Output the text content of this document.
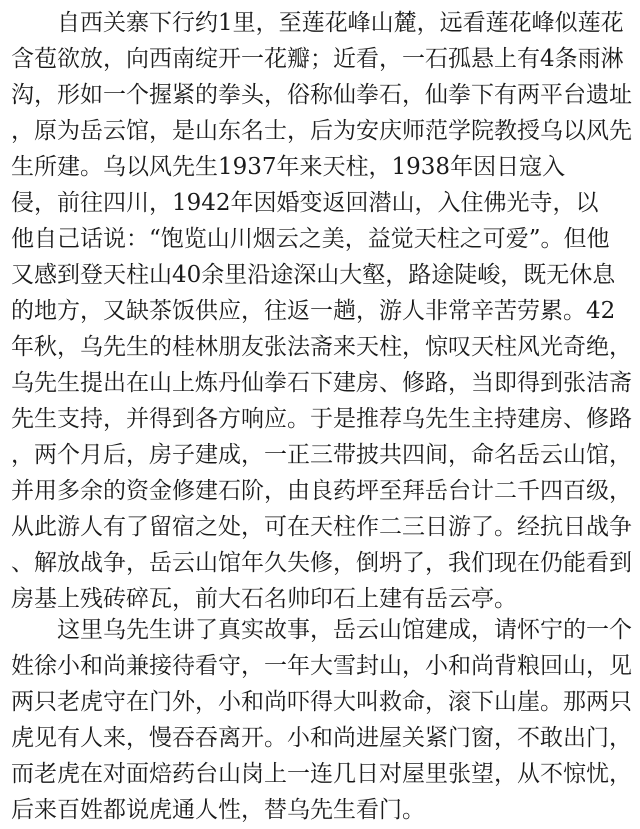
　　自西关寨下行约1里，至莲花峰山麓，远看莲花峰似莲花
含苞欲放，向西南绽开一花瓣；近看，一石孤悬上有4条雨淋
沟，形如一个握紧的拳头，俗称仙拳石，仙拳下有两平台遗址
，原为岳云馆，是山东名士，后为安庆师范学院教授乌以风先
生所建。乌以风先生1937年来天柱，1938年因日寇入
侵，前往四川，1942年因婚变返回潜山，入住佛光寺，以
他自己话说：“饱览山川烟云之美，益觉天柱之可爱”。但他
又感到登天柱山40余里沿途深山大壑，路途陡峻，既无休息
的地方，又缺茶饭供应，往返一趟，游人非常辛苦劳累。42
年秋，乌先生的桂林朋友张法斋来天柱，惊叹天柱风光奇绝，
乌先生提出在山上炼丹仙拳石下建房、修路，当即得到张洁斋
先生支持，并得到各方响应。于是推荐乌先生主持建房、修路
，两个月后，房子建成，一正三带披共四间，命名岳云山馆，
并用多余的资金修建石阶，由良药坪至拜岳台计二千四百级，
从此游人有了留宿之处，可在天柱作二三日游了。经抗日战争
、解放战争，岳云山馆年久失修，倒坍了，我们现在仍能看到
房基上残砖碎瓦，前大石名帅印石上建有岳云亭。
　　这里乌先生讲了真实故事，岳云山馆建成，请怀宁的一个
姓徐小和尚兼接待看守，一年大雪封山，小和尚背粮回山，见
两只老虎守在门外，小和尚吓得大叫救命，滚下山崖。那两只
虎见有人来，慢吞吞离开。小和尚进屋关紧门窗，不敢出门，
而老虎在对面焙药台山岗上一连几日对屋里张望，从不惊忧，
后来百姓都说虎通人性，替乌先生看门。
